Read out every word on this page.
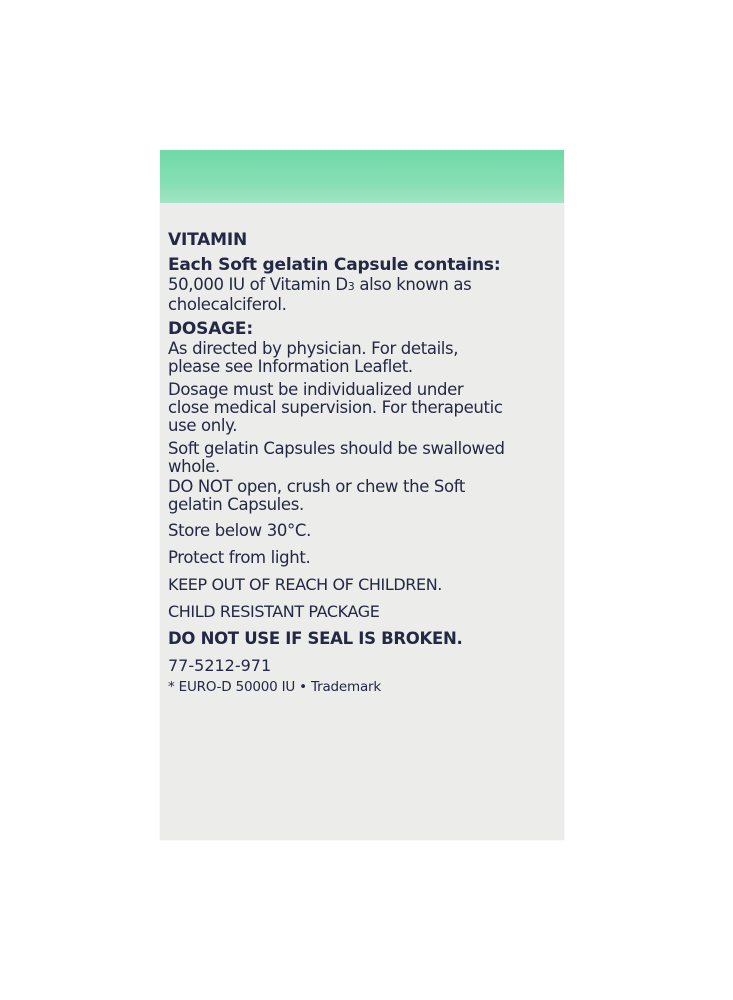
VITAMIN
Each Soft gelatin Capsule contains:
50,000 IU of Vitamin D3 also known as
cholecalciferol.
DOSAGE:
As directed by physician. For details,
please see Information Leaflet.
Dosage must be individualized under
close medical supervision. For therapeutic
use only.
Soft gelatin Capsules should be swallowed
whole.
DO NOT open, crush or chew the Soft
gelatin Capsules.
Store below 30°C.
Protect from light.
KEEP OUT OF REACH OF CHILDREN.
CHILD RESISTANT PACKAGE
DO NOT USE IF SEAL IS BROKEN.
77-5212-971
* EURO-D 50000 IU • Trademark
